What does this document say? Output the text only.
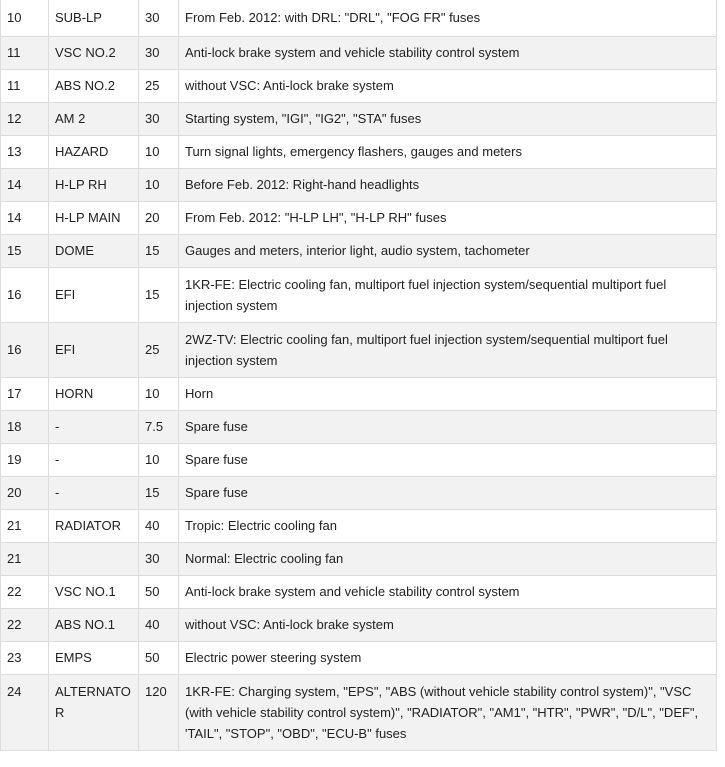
10	SUB-LP	30	From Feb. 2012: with DRL: "DRL", "FOG FR" fuses
11	VSC NO.2	30	Anti-lock brake system and vehicle stability control system
11	ABS NO.2	25	without VSC: Anti-lock brake system
12	AM 2	30	Starting system, "IGI", "IG2", "STA" fuses
13	HAZARD	10	Turn signal lights, emergency flashers, gauges and meters
14	H-LP RH	10	Before Feb. 2012: Right-hand headlights
14	H-LP MAIN	20	From Feb. 2012: "H-LP LH", "H-LP RH" fuses
15	DOME	15	Gauges and meters, interior light, audio system, tachometer
16	EFI	15	1KR-FE: Electric cooling fan, multiport fuel injection system/sequential multiport fuel injection system
16	EFI	25	2WZ-TV: Electric cooling fan, multiport fuel injection system/sequential multiport fuel injection system
17	HORN	10	Horn
18	-	7.5	Spare fuse
19	-	10	Spare fuse
20	-	15	Spare fuse
21	RADIATOR	40	Tropic: Electric cooling fan
21		30	Normal: Electric cooling fan
22	VSC NO.1	50	Anti-lock brake system and vehicle stability control system
22	ABS NO.1	40	without VSC: Anti-lock brake system
23	EMPS	50	Electric power steering system
24	ALTERNATOR	120	1KR-FE: Charging system, "EPS", "ABS (without vehicle stability control system)", "VSC (with vehicle stability control system)", "RADIATOR", "AM1", "HTR", "PWR", "D/L", "DEF", 'TAIL", "STOP", "OBD", "ECU-B" fuses
